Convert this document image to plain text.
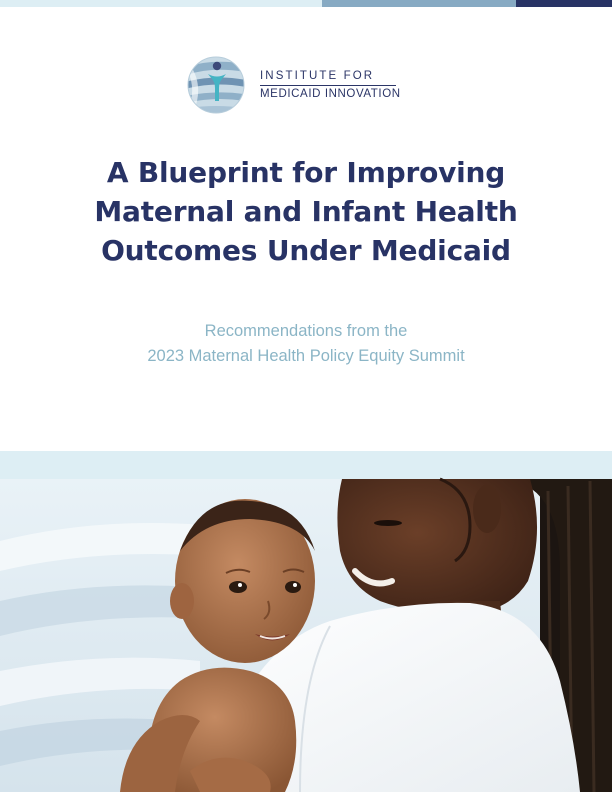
INSTITUTE FOR
MEDICAID INNOVATION
A Blueprint for Improving
Maternal and Infant Health
Outcomes Under Medicaid
Recommendations from the
2023 Maternal Health Policy Equity Summit
